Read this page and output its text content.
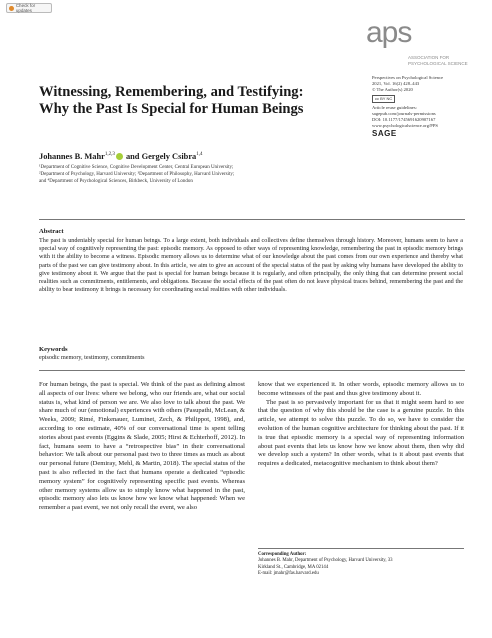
Check for updates
aps
ASSOCIATION FOR
PSYCHOLOGICAL SCIENCE
Perspectives on Psychological Science
2021, Vol. 16(2) 428–443
© The Author(s) 2020
cc BY NC
Article reuse guidelines:
sagepub.com/journals-permissions
DOI: 10.1177/1745691620907167
www.psychologicalscience.org/PPS
SAGE
Witnessing, Remembering, and Testifying: Why the Past Is Special for Human Beings
Johannes B. Mahr$^{1,2,3}$ and Gergely Csibra$^{1,4}$
¹Department of Cognitive Science, Cognitive Development Center, Central European University;
²Department of Psychology, Harvard University; ³Department of Philosophy, Harvard University;
and ⁴Department of Psychological Sciences, Birkbeck, University of London
Abstract

The past is undeniably special for human beings. To a large extent, both individuals and collectives define themselves through history. Moreover, humans seem to have a special way of cognitively representing the past: episodic memory. As opposed to other ways of representing knowledge, remembering the past in episodic memory brings with it the ability to become a witness. Episodic memory allows us to determine what of our knowledge about the past comes from our own experience and thereby what parts of the past we can give testimony about. In this article, we aim to give an account of the special status of the past by asking why humans have developed the ability to give testimony about it. We argue that the past is special for human beings because it is regularly, and often principally, the only thing that can determine present social realities such as commitments, entitlements, and obligations. Because the social effects of the past often do not leave physical traces behind, remembering the past and the ability to bear testimony it brings is necessary for coordinating social realities with other individuals.

Keywords
episodic memory, testimony, commitments

For human beings, the past is special. We think of the past as defining almost all aspects of our lives: where we belong, who our friends are, what our social status is, what kind of person we are. We also love to talk about the past. We share much of our (emotional) experiences with others (Pasupathi, McLean, & Weeks, 2009; Rimé, Finkenauer, Luminet, Zech, & Philippot, 1998), and, according to one estimate, 40% of our conversational time is spent telling stories about past events (Eggins & Slade, 2005; Hirst & Echterhoff, 2012). In fact, humans seem to have a “retrospective bias” in their conversational behavior: We talk about our personal past two to three times as much as about our personal future (Demiray, Mehl, & Martin, 2018). The special status of the past is also reflected in the fact that humans operate a dedicated “episodic memory system” for cognitively representing specific past events. Whereas other memory systems allow us to simply know what happened in the past, episodic memory also lets us know how we know what happened: When we remember a past event, we not only recall the event, we also

know that we experienced it. In other words, episodic memory allows us to become witnesses of the past and thus give testimony about it.

The past is so pervasively important for us that it might seem hard to see that the question of why this should be the case is a genuine puzzle. In this article, we attempt to solve this puzzle. To do so, we have to consider the evolution of the human cognitive architecture for thinking about the past. If it is true that episodic memory is a special way of representing information about past events that lets us know how we know about them, then why did we develop such a system? In other words, what is it about past events that requires a dedicated, metacognitive mechanism to think about them?

Corresponding Author:
Johannes B. Mahr, Department of Psychology, Harvard University, 33
Kirkland St., Cambridge, MA 02144
E-mail: jmahr@fas.harvard.edu
